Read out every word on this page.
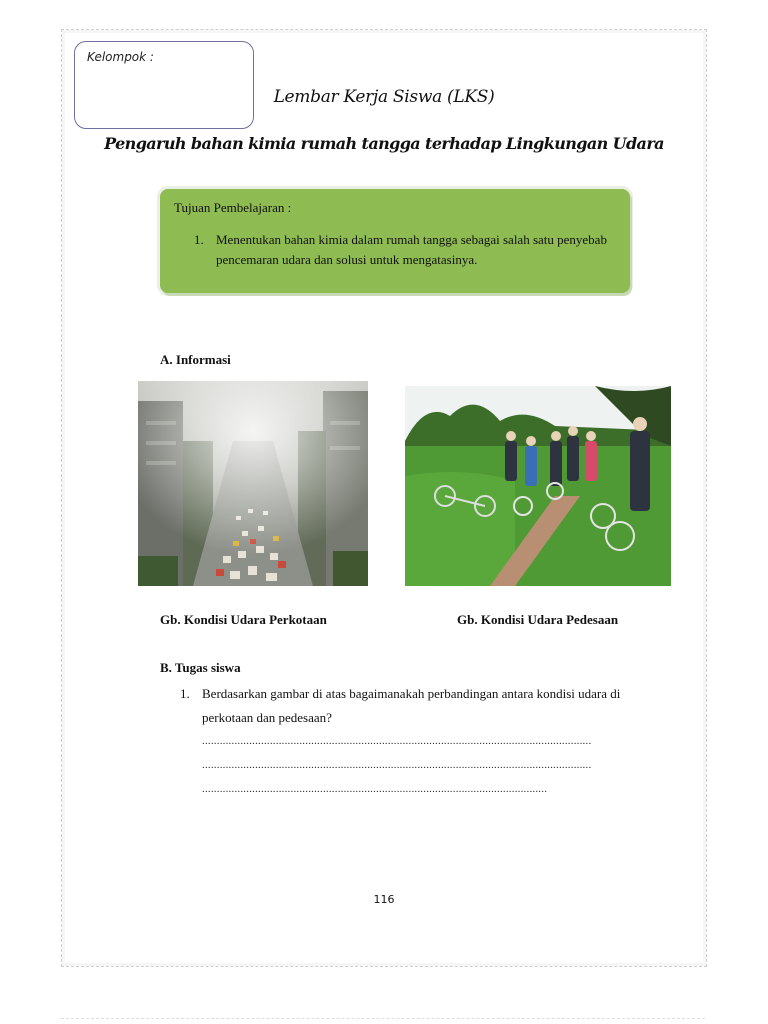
Kelompok :
Lembar Kerja Siswa (LKS)
Pengaruh bahan kimia rumah tangga terhadap Lingkungan Udara
Tujuan Pembelajaran :
1. Menentukan bahan kimia dalam rumah tangga sebagai salah satu penyebab pencemaran udara dan solusi untuk mengatasinya.
A. Informasi
Gb. Kondisi Udara Perkotaan	Gb. Kondisi Udara Pedesaan
B. Tugas siswa
1. Berdasarkan gambar di atas bagaimanakah perbandingan antara kondisi udara di perkotaan dan pedesaan?
....................................................................................................................................
....................................................................................................................................
.....................................................................................................................
116
